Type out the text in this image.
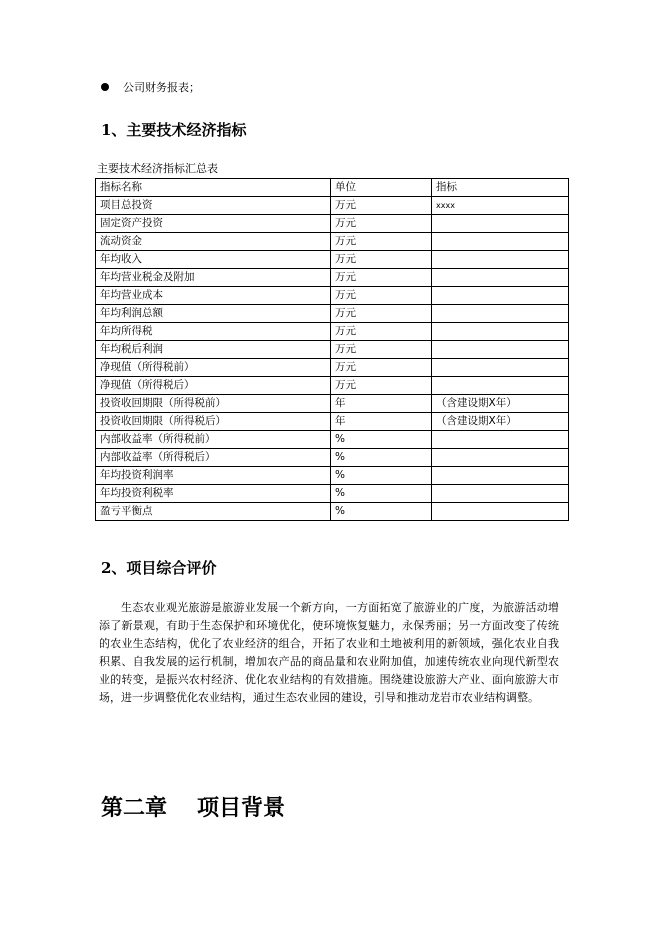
公司财务报表；
1、主要技术经济指标
主要技术经济指标汇总表
指标名称	单位	指标
项目总投资	万元	xxxx
固定资产投资	万元	
流动资金	万元	
年均收入	万元	
年均营业税金及附加	万元	
年均营业成本	万元	
年均利润总额	万元	
年均所得税	万元	
年均税后利润	万元	
净现值（所得税前）	万元	
净现值（所得税后）	万元	
投资收回期限（所得税前）	年	（含建设期X年）
投资收回期限（所得税后）	年	（含建设期X年）
内部收益率（所得税前）	%	
内部收益率（所得税后）	%	
年均投资利润率	%	
年均投资利税率	%	
盈亏平衡点	%	
2、项目综合评价
生态农业观光旅游是旅游业发展一个新方向，一方面拓宽了旅游业的广度，为旅游活动增添了新景观，有助于生态保护和环境优化，使环境恢复魅力，永保秀丽；另一方面改变了传统的农业生态结构，优化了农业经济的组合，开拓了农业和土地被利用的新领域，强化农业自我积累、自我发展的运行机制，增加农产品的商品量和农业附加值，加速传统农业向现代新型农业的转变，是振兴农村经济、优化农业结构的有效措施。围绕建设旅游大产业、面向旅游大市场，进一步调整优化农业结构，通过生态农业园的建设，引导和推动龙岩市农业结构调整。
第二章 项目背景
